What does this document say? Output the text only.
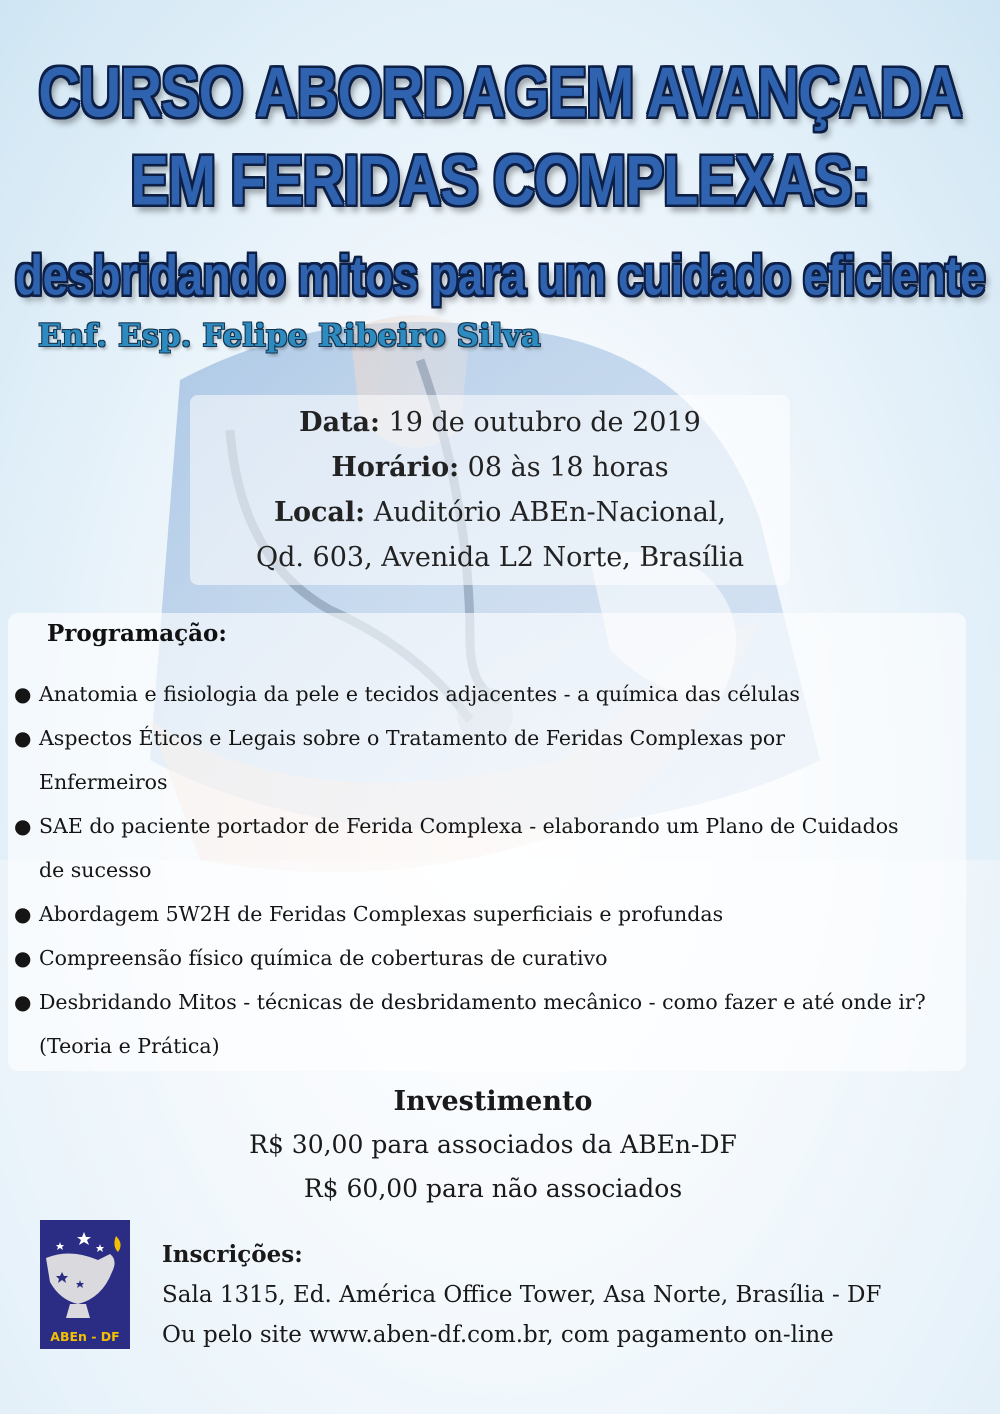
CURSO ABORDAGEM AVANÇADA
EM FERIDAS COMPLEXAS:
desbridando mitos para um cuidado eficiente
Enf. Esp. Felipe Ribeiro Silva
Data: 19 de outubro de 2019
Horário: 08 às 18 horas
Local: Auditório ABEn-Nacional,
Qd. 603, Avenida L2 Norte, Brasília
Programação:
● Anatomia e fisiologia da pele e tecidos adjacentes - a química das células
● Aspectos Éticos e Legais sobre o Tratamento de Feridas Complexas por Enfermeiros
● SAE do paciente portador de Ferida Complexa - elaborando um Plano de Cuidados de sucesso
● Abordagem 5W2H de Feridas Complexas superficiais e profundas
● Compreensão físico química de coberturas de curativo
● Desbridando Mitos - técnicas de desbridamento mecânico - como fazer e até onde ir? (Teoria e Prática)
Investimento
R$ 30,00 para associados da ABEn-DF
R$ 60,00 para não associados
ABEn - DF
Inscrições:
Sala 1315, Ed. América Office Tower, Asa Norte, Brasília - DF
Ou pelo site www.aben-df.com.br, com pagamento on-line
